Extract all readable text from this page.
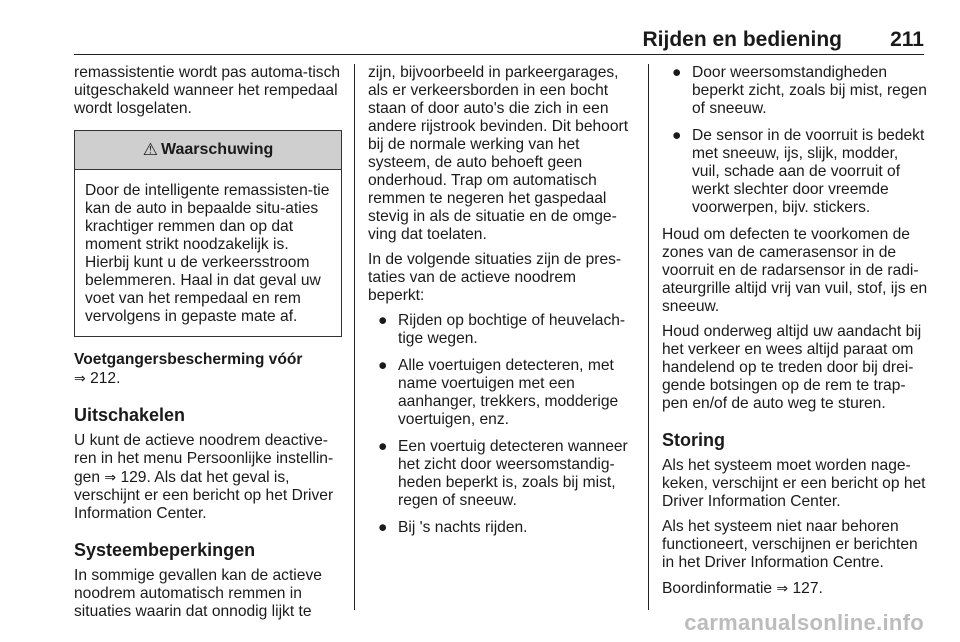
Rijden en bediening 211

remassistentie wordt pas automa-tisch uitgeschakeld wanneer het rempedaal wordt losgelaten.

⚠ Waarschuwing
Door de intelligente remassisten-tie kan de auto in bepaalde situ-aties krachtiger remmen dan op dat moment strikt noodzakelijk is. Hierbij kunt u de verkeersstroom belemmeren. Haal in dat geval uw voet van het rempedaal en rem vervolgens in gepaste mate af.

Voetgangersbescherming vóór

⇒ 212.

Uitschakelen

U kunt de actieve noodrem deactive-ren in het menu Persoonlijke instellin-gen ⇒ 129. Als dat het geval is, verschijnt er een bericht op het Driver Information Center.

Systeembeperkingen

In sommige gevallen kan de actieve noodrem automatisch remmen in situaties waarin dat onnodig lijkt te

zijn, bijvoorbeeld in parkeergarages, als er verkeersborden in een bocht staan of door auto's die zich in een andere rijstrook bevinden. Dit behoort bij de normale werking van het systeem, de auto behoeft geen onderhoud. Trap om automatisch remmen te negeren het gaspedaal stevig in als de situatie en de omge-ving dat toelaten.

In de volgende situaties zijn de pres-taties van de actieve noodrem beperkt:

● Rijden op bochtige of heuvelach-tige wegen.
● Alle voertuigen detecteren, met name voertuigen met een aanhanger, trekkers, modderige voertuigen, enz.
● Een voertuig detecteren wanneer het zicht door weersomstandig-heden beperkt is, zoals bij mist, regen of sneeuw.
● Bij 's nachts rijden.
● Door weersomstandigheden beperkt zicht, zoals bij mist, regen of sneeuw.
● De sensor in de voorruit is bedekt met sneeuw, ijs, slijk, modder, vuil, schade aan de voorruit of werkt slechter door vreemde voorwerpen, bijv. stickers.

Houd om defecten te voorkomen de zones van de camerasensor in de voorruit en de radarsensor in de radi-ateurgrille altijd vrij van vuil, stof, ijs en sneeuw.

Houd onderweg altijd uw aandacht bij het verkeer en wees altijd paraat om handelend op te treden door bij drei-gende botsingen op de rem te trap-pen en/of de auto weg te sturen.

Storing

Als het systeem moet worden nage-keken, verschijnt er een bericht op het Driver Information Center.

Als het systeem niet naar behoren functioneert, verschijnen er berichten in het Driver Information Centre.

Boordinformatie ⇒ 127.

carmanualsonline.info
